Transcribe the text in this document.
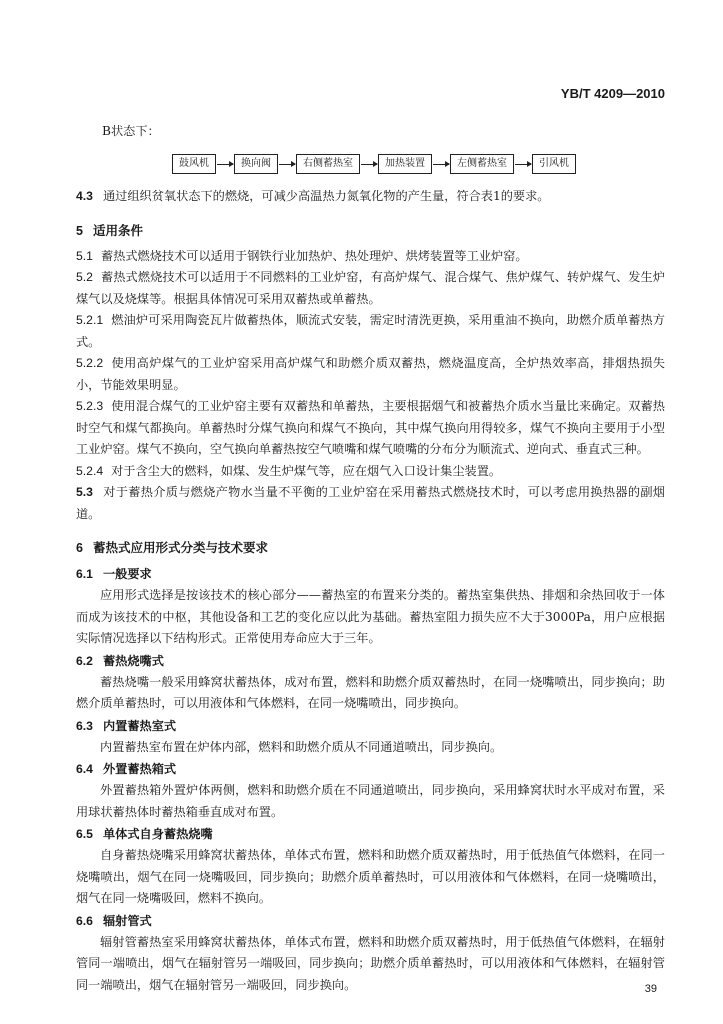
YB/T 4209—2010
B状态下：
鼓风机	换向阀	右侧蓄热室	加热装置	左侧蓄热室	引风机

4.3 通过组织贫氧状态下的燃烧，可减少高温热力氮氧化物的产生量，符合表1的要求。

5 适用条件

5.1 蓄热式燃烧技术可以适用于钢铁行业加热炉、热处理炉、烘烤装置等工业炉窑。

5.2 蓄热式燃烧技术可以适用于不同燃料的工业炉窑，有高炉煤气、混合煤气、焦炉煤气、转炉煤气、发生炉煤气以及烧煤等。根据具体情况可采用双蓄热或单蓄热。

5.2.1 燃油炉可采用陶瓷瓦片做蓄热体，顺流式安装，需定时清洗更换，采用重油不换向，助燃介质单蓄热方式。

5.2.2 使用高炉煤气的工业炉窑采用高炉煤气和助燃介质双蓄热，燃烧温度高，全炉热效率高，排烟热损失小，节能效果明显。

5.2.3 使用混合煤气的工业炉窑主要有双蓄热和单蓄热，主要根据烟气和被蓄热介质水当量比来确定。双蓄热时空气和煤气都换向。单蓄热时分煤气换向和煤气不换向，其中煤气换向用得较多，煤气不换向主要用于小型工业炉窑。煤气不换向，空气换向单蓄热按空气喷嘴和煤气喷嘴的分布分为顺流式、逆向式、垂直式三种。

5.2.4 对于含尘大的燃料，如煤、发生炉煤气等，应在烟气入口设计集尘装置。

5.3 对于蓄热介质与燃烧产物水当量不平衡的工业炉窑在采用蓄热式燃烧技术时，可以考虑用换热器的副烟道。

6 蓄热式应用形式分类与技术要求
6.1 一般要求

应用形式选择是按该技术的核心部分——蓄热室的布置来分类的。蓄热室集供热、排烟和余热回收于一体而成为该技术的中枢，其他设备和工艺的变化应以此为基础。蓄热室阻力损失应不大于3000Pa，用户应根据实际情况选择以下结构形式。正常使用寿命应大于三年。

6.2 蓄热烧嘴式

蓄热烧嘴一般采用蜂窝状蓄热体，成对布置，燃料和助燃介质双蓄热时，在同一烧嘴喷出，同步换向；助燃介质单蓄热时，可以用液体和气体燃料，在同一烧嘴喷出，同步换向。

6.3 内置蓄热室式

内置蓄热室布置在炉体内部，燃料和助燃介质从不同通道喷出，同步换向。

6.4 外置蓄热箱式

外置蓄热箱外置炉体两侧，燃料和助燃介质在不同通道喷出，同步换向，采用蜂窝状时水平成对布置，采用球状蓄热体时蓄热箱垂直成对布置。

6.5 单体式自身蓄热烧嘴

自身蓄热烧嘴采用蜂窝状蓄热体，单体式布置，燃料和助燃介质双蓄热时，用于低热值气体燃料，在同一烧嘴喷出，烟气在同一烧嘴吸回，同步换向；助燃介质单蓄热时，可以用液体和气体燃料，在同一烧嘴喷出，烟气在同一烧嘴吸回，燃料不换向。

6.6 辐射管式

辐射管蓄热室采用蜂窝状蓄热体，单体式布置，燃料和助燃介质双蓄热时，用于低热值气体燃料，在辐射管同一端喷出，烟气在辐射管另一端吸回，同步换向；助燃介质单蓄热时，可以用液体和气体燃料，在辐射管同一端喷出，烟气在辐射管另一端吸回，同步换向。	39
